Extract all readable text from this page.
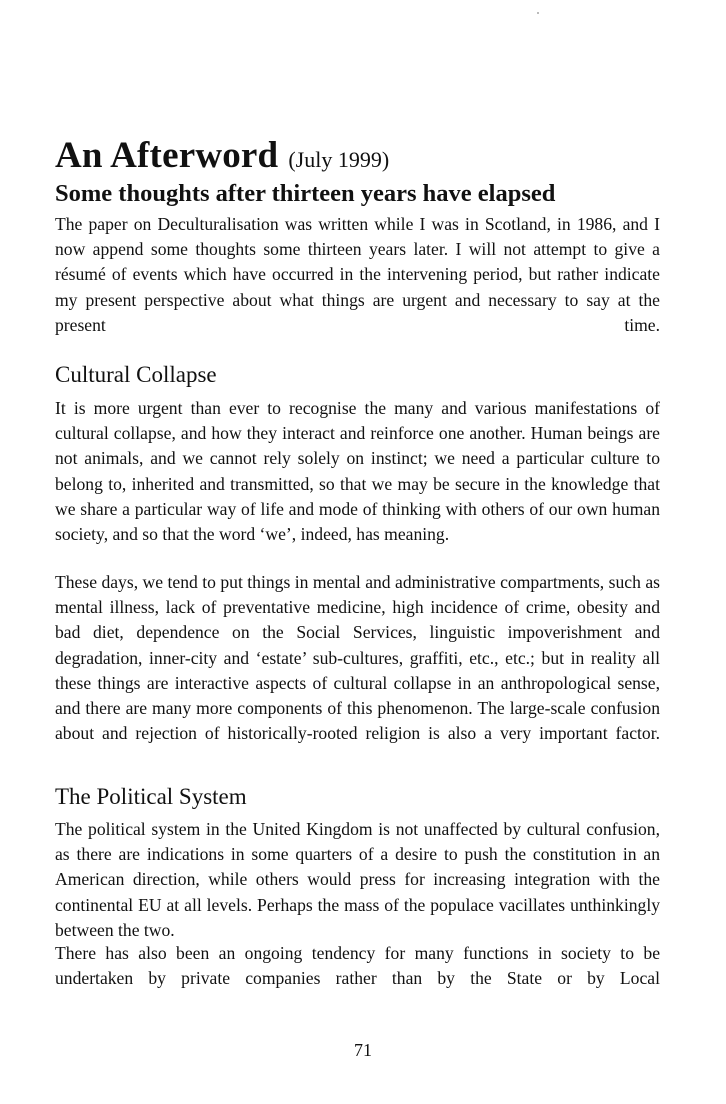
An Afterword (July 1999)
Some thoughts after thirteen years have elapsed

The paper on Deculturalisation was written while I was in Scotland, in 1986, and I now append some thoughts some thirteen years later. I will not attempt to give a résumé of events which have occurred in the intervening period, but rather indicate my present perspective about what things are urgent and necessary to say at the present time.

Cultural Collapse

It is more urgent than ever to recognise the many and various manifestations of cultural collapse, and how they interact and reinforce one another. Human beings are not animals, and we cannot rely solely on instinct; we need a particular culture to belong to, inherited and transmitted, so that we may be secure in the knowledge that we share a particular way of life and mode of thinking with others of our own human society, and so that the word ‘we’, indeed, has meaning.

These days, we tend to put things in mental and administrative compartments, such as mental illness, lack of preventative medicine, high incidence of crime, obesity and bad diet, dependence on the Social Services, linguistic impoverishment and degradation, inner-city and ‘estate’ sub-cultures, graffiti, etc., etc.; but in reality all these things are interactive aspects of cultural collapse in an anthropological sense, and there are many more components of this phenomenon. The large-scale confusion about and rejection of historically-rooted religion is also a very important factor.

The Political System

The political system in the United Kingdom is not unaffected by cultural confusion, as there are indications in some quarters of a desire to push the constitution in an American direction, while others would press for increasing integration with the continental EU at all levels. Perhaps the mass of the populace vacillates unthinkingly between the two.

There has also been an ongoing tendency for many functions in society to be undertaken by private companies rather than by the State or by Local

71
